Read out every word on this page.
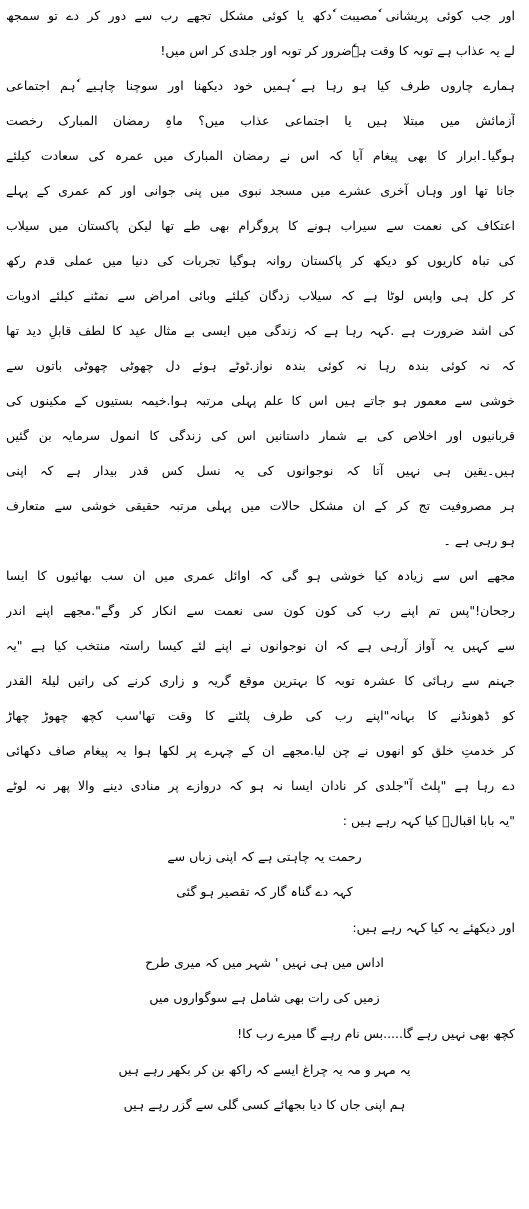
اور جب کوئی پریشانی ٗمصیبت ٗدکھ یا کوئی مشکل تجھے رب سے دور کر دے تو سمجھ
لے یہ عذاب ہے توبہ کا وقت ہےٗضرور کر توبہ اور جلدی کر اس میں!
ہمارے چاروں طرف کیا ہو رہا ہے ٗہمیں خود دیکھنا اور سوچنا چاہیے ٗہم اجتماعی
آزمائش میں مبتلا ہیں یا اجتماعی عذاب میں؟ ماہِ رمضان المبارک رخصت
ہوگیا۔ابرار کا بھی پیغام آیا کہ اس نے رمضان المبارک میں عمرہ کی سعادت کیلئے
جانا تھا اور وہاں آخری عشرے میں مسجد نبوی میں پنی جوانی اور کم عمری کے پہلے
اعتکاف کی نعمت سے سیراب ہونے کا پروگرام بھی طے تھا لیکن پاکستان میں سیلاب
کی تباہ کاریوں کو دیکھ کر پاکستان روانہ ہوگیا تجربات کی دنیا میں عملی قدم رکھ
کر کل ہی واپس لوٹا ہے کہ سیلاب زدگان کیلئے وبائی امراض سے نمٹنے کیلئے ادویات
کی اشد ضرورت ہے .کہہ رہا ہے کہ زندگی میں ایسی بے مثال عید کا لطف قابلِ دید تھا
کہ نہ کوئی بندہ رہا نہ کوئی بندہ نواز.ٹوٹے ہوئے دل چھوٹی چھوٹی باتوں سے
خوشی سے معمور ہو جاتے ہیں اس کا علم پہلی مرتبہ ہوا.خیمہ بستیوں کے مکینوں کی
قربانیوں اور اخلاص کی بے شمار داستانیں اس کی زندگی کا انمول سرمایہ بن گئیں
ہیں۔یقین ہی نہیں آتا کہ نوجوانوں کی یہ نسل کس قدر بیدار ہے کہ اپنی
ہر مصروفیت تج کر کے ان مشکل حالات میں پہلی مرتبہ حقیقی خوشی سے متعارف
ہو رہی ہے ۔
مجھے اس سے زیادہ کیا خوشی ہو گی کہ اوائل عمری میں ان سب بھائیوں کا ایسا
رجحان!"پس تم اپنے رب کی کون کون سی نعمت سے انکار کر وگے".مجھے اپنے اندر
سے کہیں یہ آواز آرہی ہے کہ ان نوجوانوں نے اپنے لئے کیسا راستہ منتخب کیا ہے "یہ
جہنم سے رہائی کا عشرہ توبہ کا بہترین موقع گریہ و زاری کرنے کی راتیں لیلۃ القدر
کو ڈھونڈنے کا بہانہ"اپنے رب کی طرف پلٹنے کا وقت تھا'سب کچھ چھوڑ چھاڑ
کر خدمتِ خلق کو انھوں نے چن لیا.مجھے ان کے چہرے پر لکھا ہوا یہ پیغام صاف دکھائی
دے رہا ہے "پلٹ آ"جلدی کر نادان ایسا نہ ہو کہ دروازے پر منادی دینے والا پھر نہ لوٹے
"یہ بابا اقبالؒ کیا کہہ رہے ہیں :
رحمت یہ چاہتی ہے کہ اپنی زباں سے
کہہ دے گناہ گار کہ تقصیر ہو گئی
اور دیکھئے یہ کیا کہہ رہے ہیں:
اداس میں ہی نہیں ' شہر میں کہ میری طرح
زمیں کی رات بھی شامل ہے سوگواروں میں
کچھ بھی نہیں رہے گا.....بس نام رہے گا میرے رب کا!
یہ مہر و مہ یہ چراغ ایسے کہ راکھ بن کر بکھر رہے ہیں
ہم اپنی جاں کا دیا بجھائے کسی گلی سے گزر رہے ہیں
